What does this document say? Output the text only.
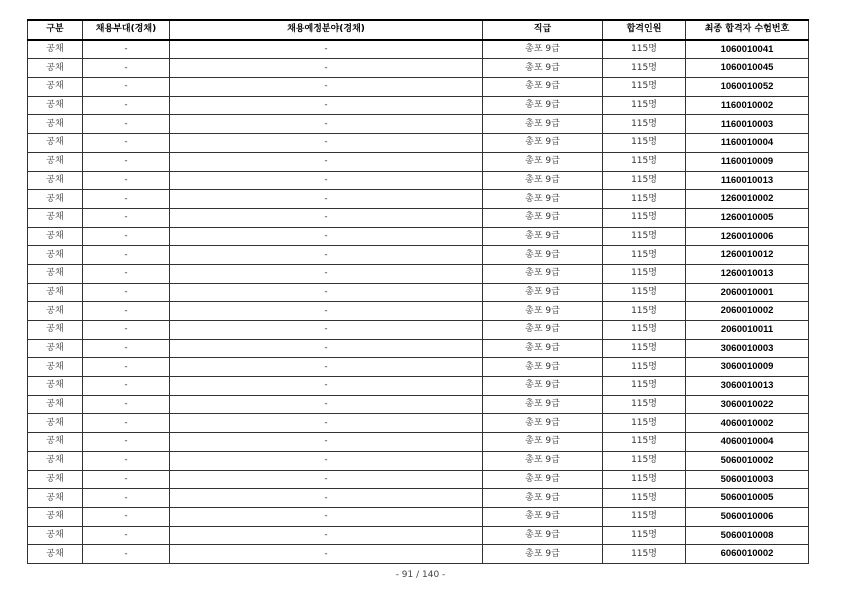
구분	채용부대(경채)	채용예정분야(경채)	직급	합격인원	최종 합격자 수험번호
공채	-	-	총포 9급	115명	1060010041
공채	-	-	총포 9급	115명	1060010045
공채	-	-	총포 9급	115명	1060010052
공채	-	-	총포 9급	115명	1160010002
공채	-	-	총포 9급	115명	1160010003
공채	-	-	총포 9급	115명	1160010004
공채	-	-	총포 9급	115명	1160010009
공채	-	-	총포 9급	115명	1160010013
공채	-	-	총포 9급	115명	1260010002
공채	-	-	총포 9급	115명	1260010005
공채	-	-	총포 9급	115명	1260010006
공채	-	-	총포 9급	115명	1260010012
공채	-	-	총포 9급	115명	1260010013
공채	-	-	총포 9급	115명	2060010001
공채	-	-	총포 9급	115명	2060010002
공채	-	-	총포 9급	115명	2060010011
공채	-	-	총포 9급	115명	3060010003
공채	-	-	총포 9급	115명	3060010009
공채	-	-	총포 9급	115명	3060010013
공채	-	-	총포 9급	115명	3060010022
공채	-	-	총포 9급	115명	4060010002
공채	-	-	총포 9급	115명	4060010004
공채	-	-	총포 9급	115명	5060010002
공채	-	-	총포 9급	115명	5060010003
공채	-	-	총포 9급	115명	5060010005
공채	-	-	총포 9급	115명	5060010006
공채	-	-	총포 9급	115명	5060010008
공채	-	-	총포 9급	115명	6060010002
- 91 / 140 -
